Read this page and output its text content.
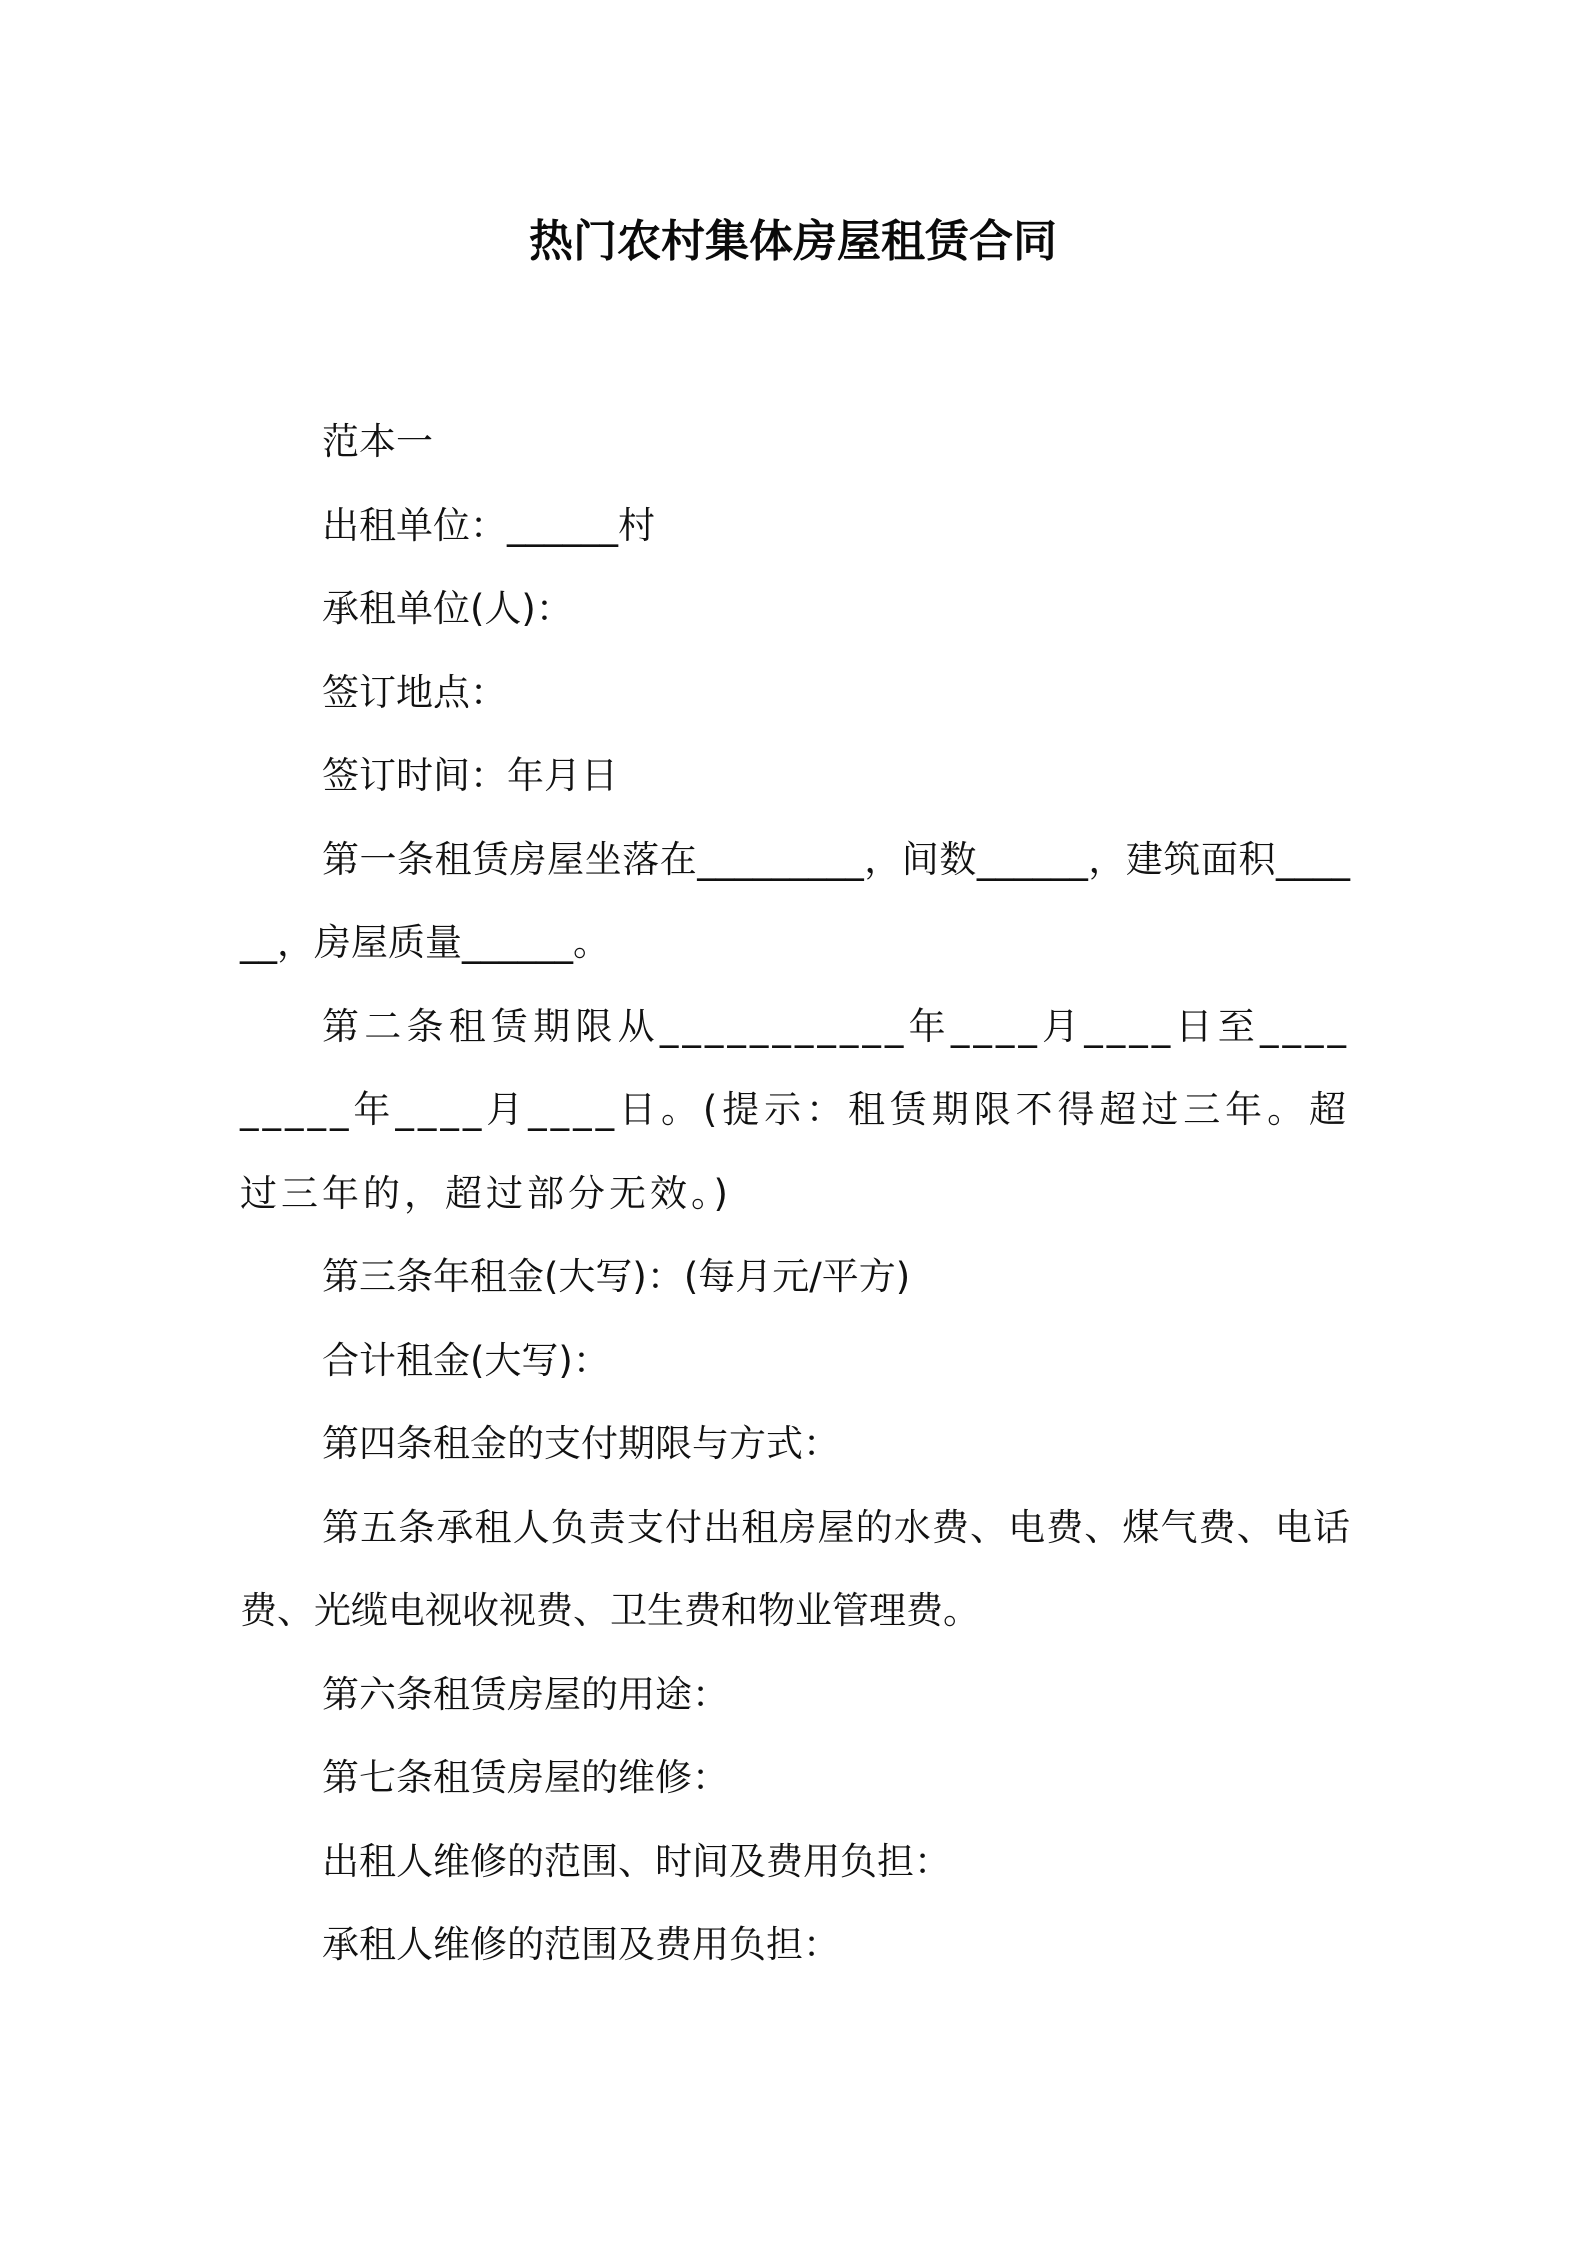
热门农村集体房屋租赁合同

范本一

出租单位：______村

承租单位(人)：

签订地点：

签订时间：年月日

第一条租赁房屋坐落在_________，间数______，建筑面积______，房屋质量______。

第二条租赁期限从___________年____月____日至_________年____月____日。(提示：租赁期限不得超过三年。超过三年的，超过部分无效。)

第三条年租金(大写)：(每月元/平方)

合计租金(大写)：

第四条租金的支付期限与方式：

第五条承租人负责支付出租房屋的水费、电费、煤气费、电话费、光缆电视收视费、卫生费和物业管理费。

第六条租赁房屋的用途：

第七条租赁房屋的维修：

出租人维修的范围、时间及费用负担：

承租人维修的范围及费用负担：
